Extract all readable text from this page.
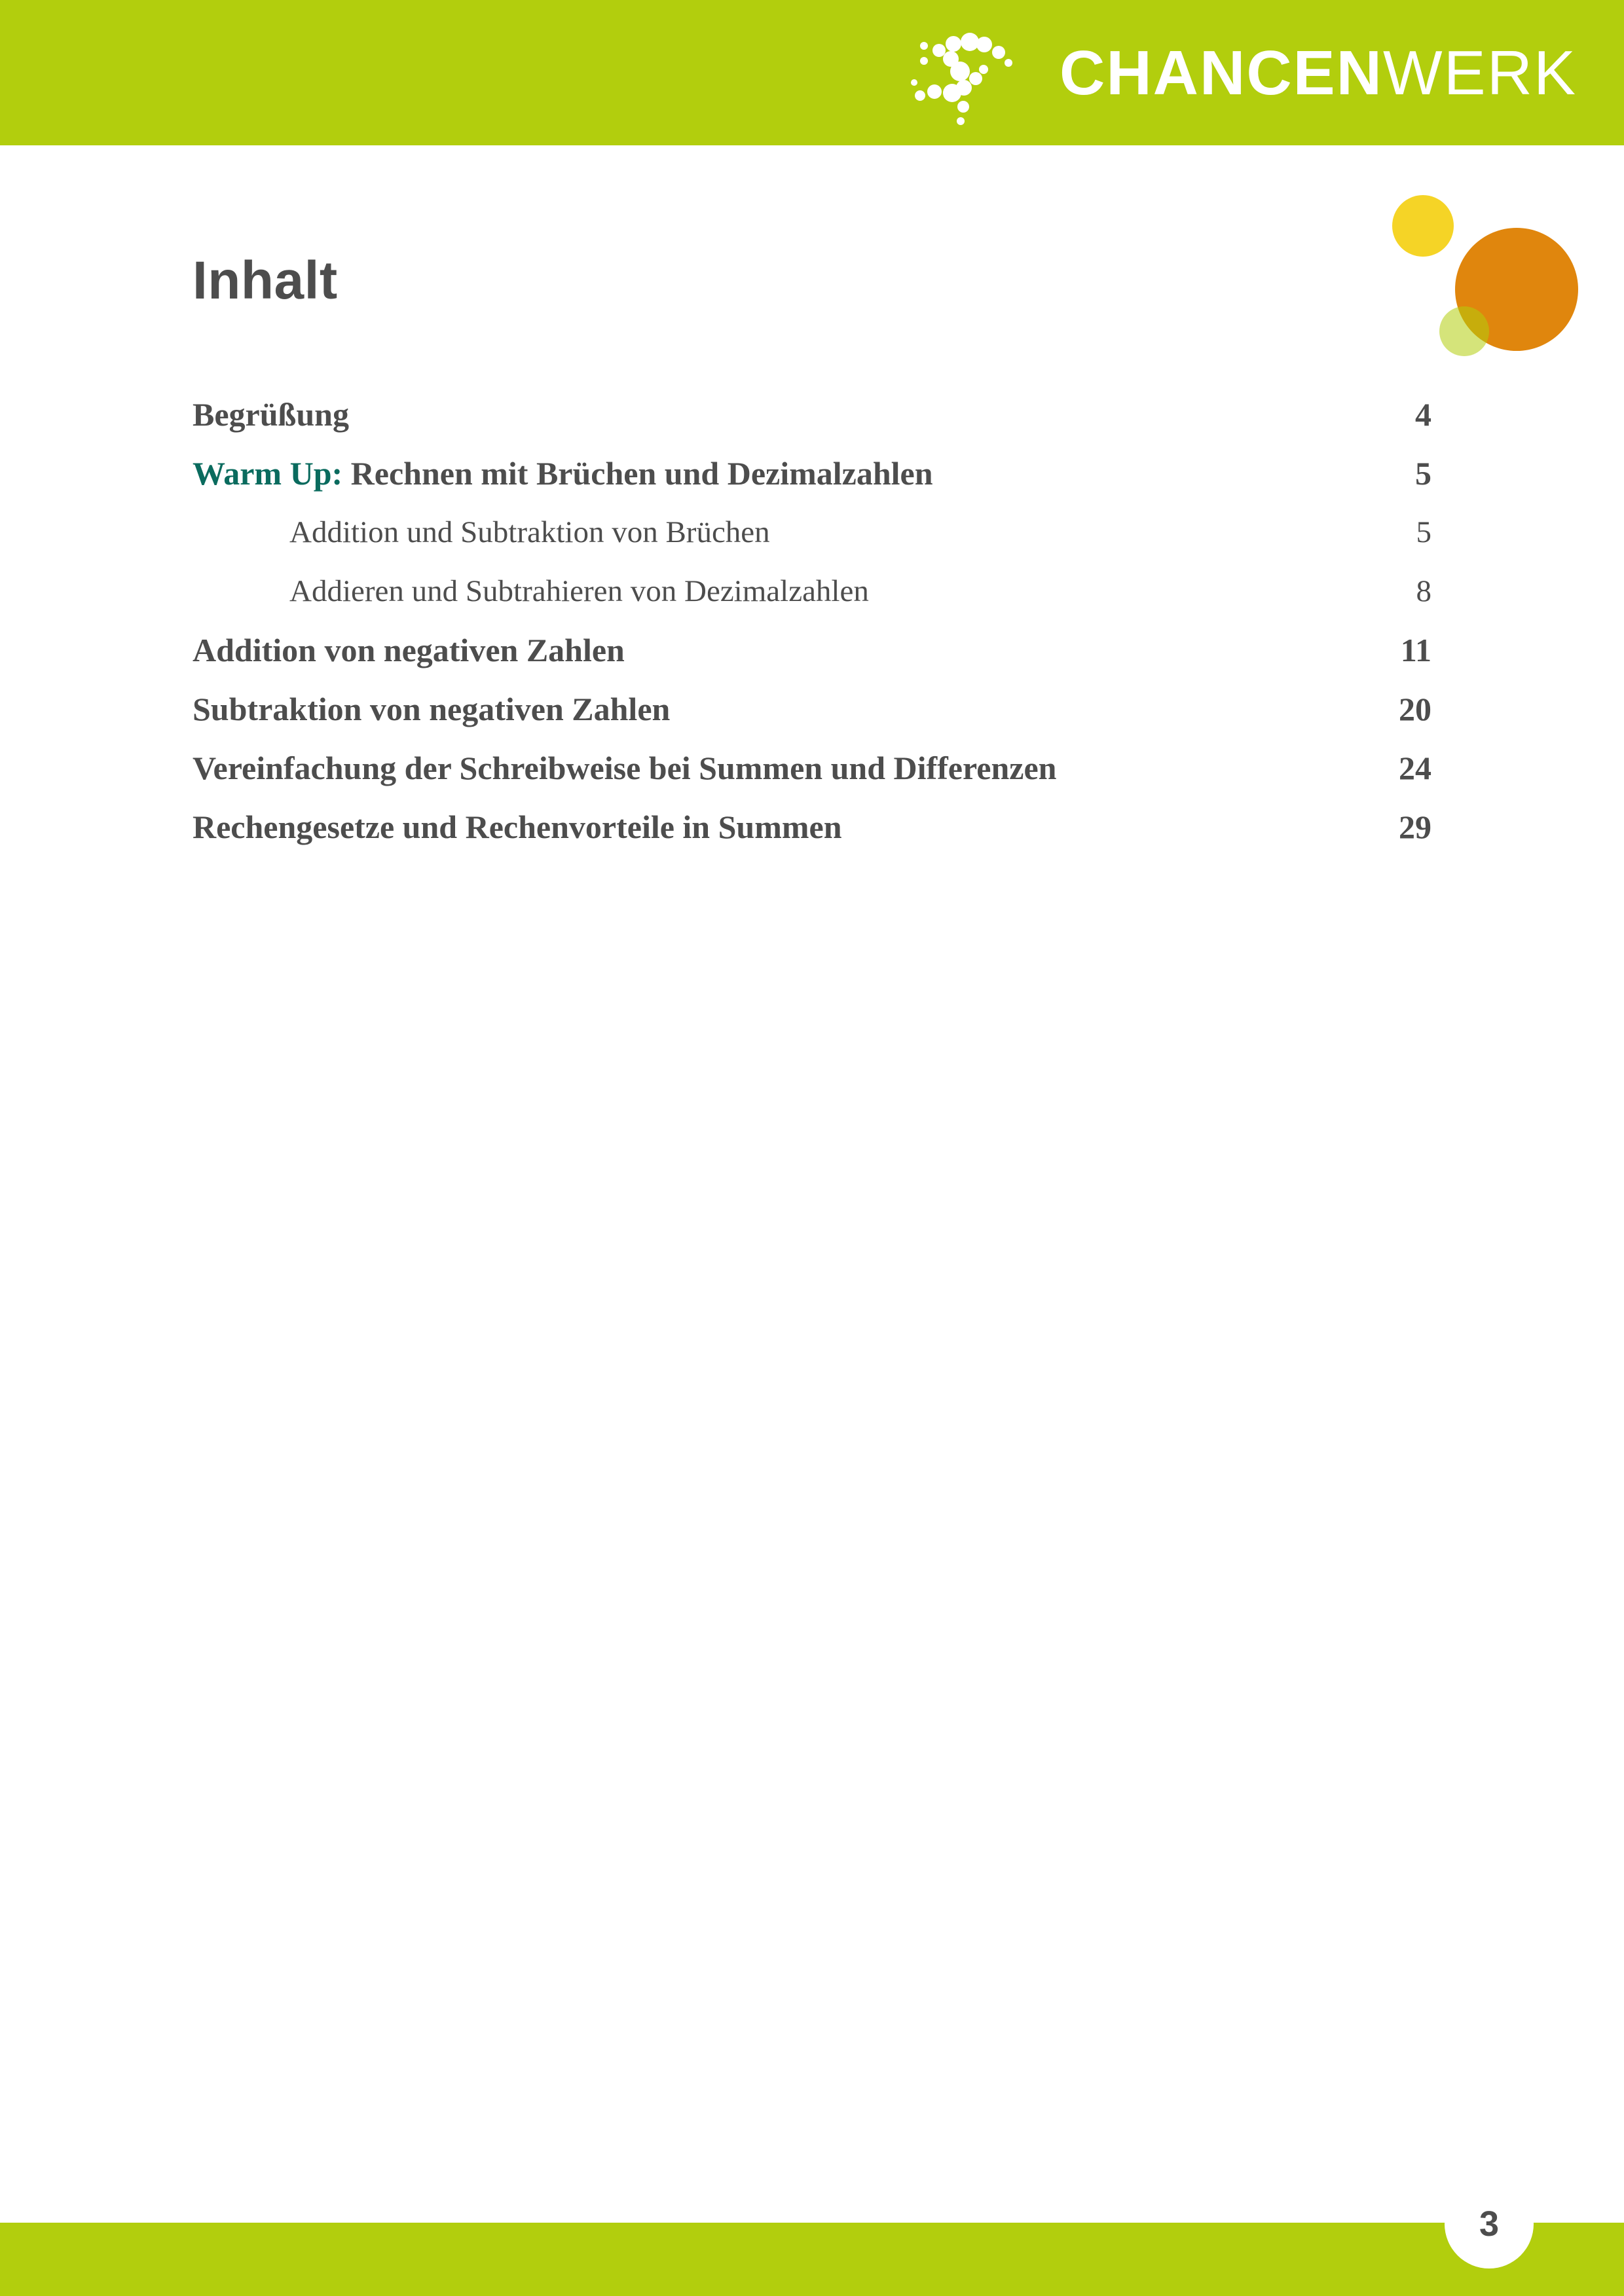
CHANCEN WERK
Inhalt
Begrüßung	4
Warm Up: Rechnen mit Brüchen und Dezimalzahlen	5
Addition und Subtraktion von Brüchen	5
Addieren und Subtrahieren von Dezimalzahlen	8
Addition von negativen Zahlen	11
Subtraktion von negativen Zahlen	20
Vereinfachung der Schreibweise bei Summen und Differenzen	24
Rechengesetze und Rechenvorteile in Summen	29
3
